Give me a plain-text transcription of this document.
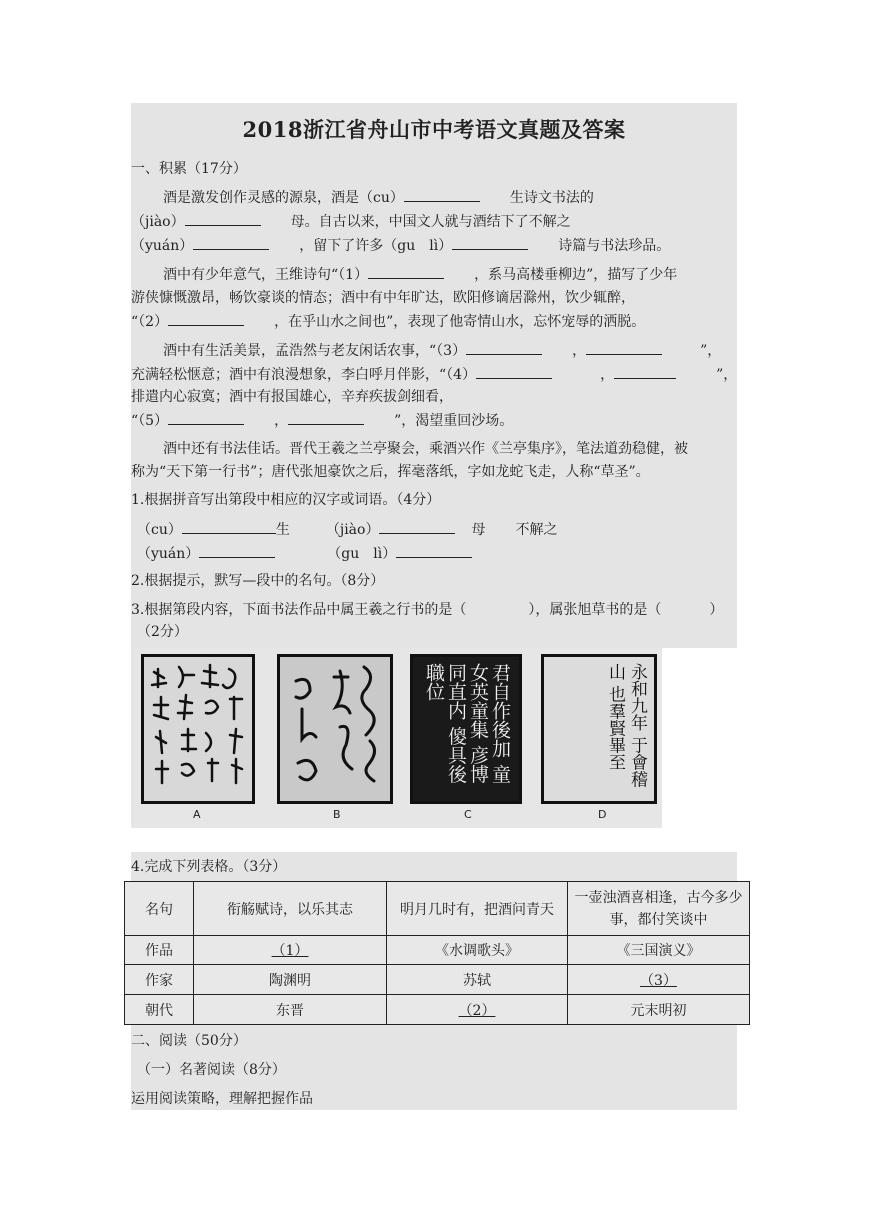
2018浙江省舟山市中考语文真题及答案
一、积累（17分）
酒是激发创作灵感的源泉，酒是（cu）	生诗文书法的
（jiào）	母。自古以来，中国文人就与酒结下了不解之
（yuán）	，留下了许多（gu　lì）	诗篇与书法珍品。
酒中有少年意气，王维诗句“（1）	，系马高楼垂柳边”，描写了少年
游侠慷慨激昂，畅饮豪谈的情态；酒中有中年旷达，欧阳修谪居滁州，饮少辄醉，
“（2）	，在乎山水之间也”，表现了他寄情山水，忘怀宠辱的洒脱。
酒中有生活美景，孟浩然与老友闲话农事，“（3）	，	”，
充满轻松惬意；酒中有浪漫想象，李白呼月伴影，“（4）	，	”，
排遣内心寂寞；酒中有报国雄心，辛弃疾拔剑细看，
“（5）	，	”，渴望重回沙场。
酒中还有书法佳话。晋代王羲之兰亭聚会，乘酒兴作《兰亭集序》，笔法道劲稳健，被
称为“天下第一行书”；唐代张旭豪饮之后，挥毫落纸，字如龙蛇飞走，人称“草圣”。
1.根据拼音写出第段中相应的汉字或词语。（4分）
（cu）	生	（jiào）	母 不解之
（yuán）	（gu　lì）
2.根据提示，默写—段中的名句。（8分）
3.根据第段内容，下面书法作品中属王羲之行书的是（	），属张旭草书的是（	）
（2分）
君自作後加 童女英童集 彦博同直内 傻具後職位	永和九年 于會稽山 也羣賢畢至
A	B	C	D
4.完成下列表格。（3分）
名句	衔觞赋诗，以乐其志	明月几时有，把酒问青天	一壶浊酒喜相逢，古今多少事，都付笑谈中
作品	（1）	《水调歌头》	《三国演义》
作家	陶渊明	苏轼	（3）
朝代	东晋	（2）	元末明初
二、阅读（50分）
（一）名著阅读（8分）
运用阅读策略，理解把握作品
